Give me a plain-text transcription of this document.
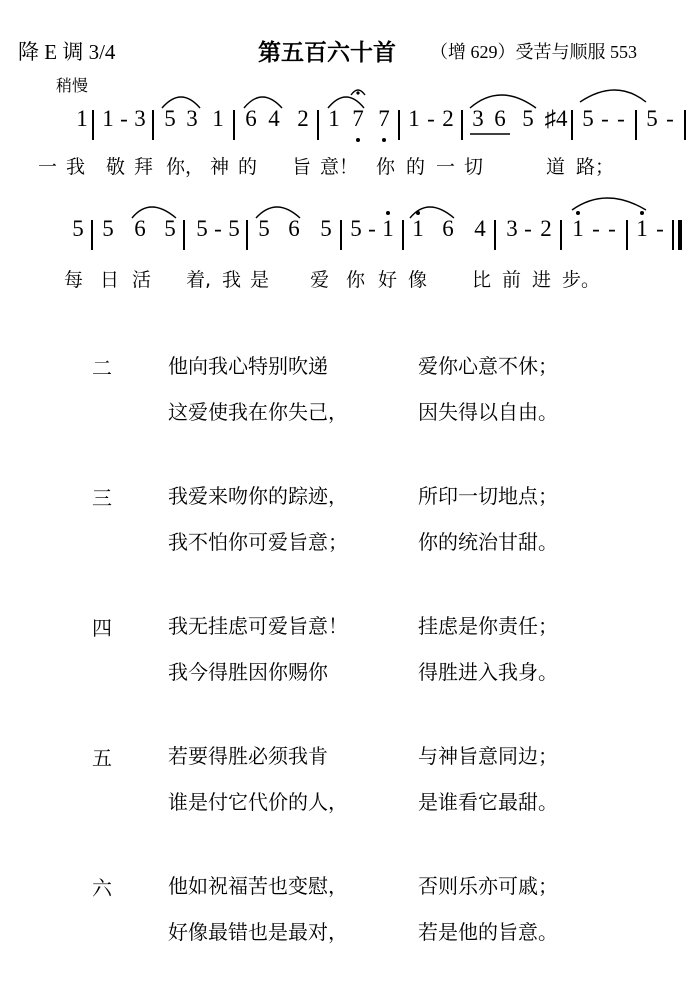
降 E 调 3/4	第五百六十首 （增 629）受苦与顺服 553
稍慢
1 1 - 3 5 3 1 6 4 2 1 7 7 1 - 2 3 6 5 ♯4 5 - - 5 -
一 我 敬 拜 你， 神 的 旨 意！ 你 的 一 切	道 路；
5 5 6 5 5 - 5 5 6 5 5 - 1 1 6 4 3 - 2 1 - - 1 -
每 日 活 着, 我 是 爱 你 好 像 比 前 进 步。
二	他向我心特别吹递	爱你心意不休；
这爱使我在你失己，	因失得以自由。
三	我爱来吻你的踪迹，	所印一切地点；
我不怕你可爱旨意；	你的统治甘甜。
四	我无挂虑可爱旨意！	挂虑是你责任；
我今得胜因你赐你	得胜进入我身。
五	若要得胜必须我肯	与神旨意同边；
谁是付它代价的人，	是谁看它最甜。
六	他如祝福苦也变慰，	否则乐亦可戚；
好像最错也是最对，	若是他的旨意。
